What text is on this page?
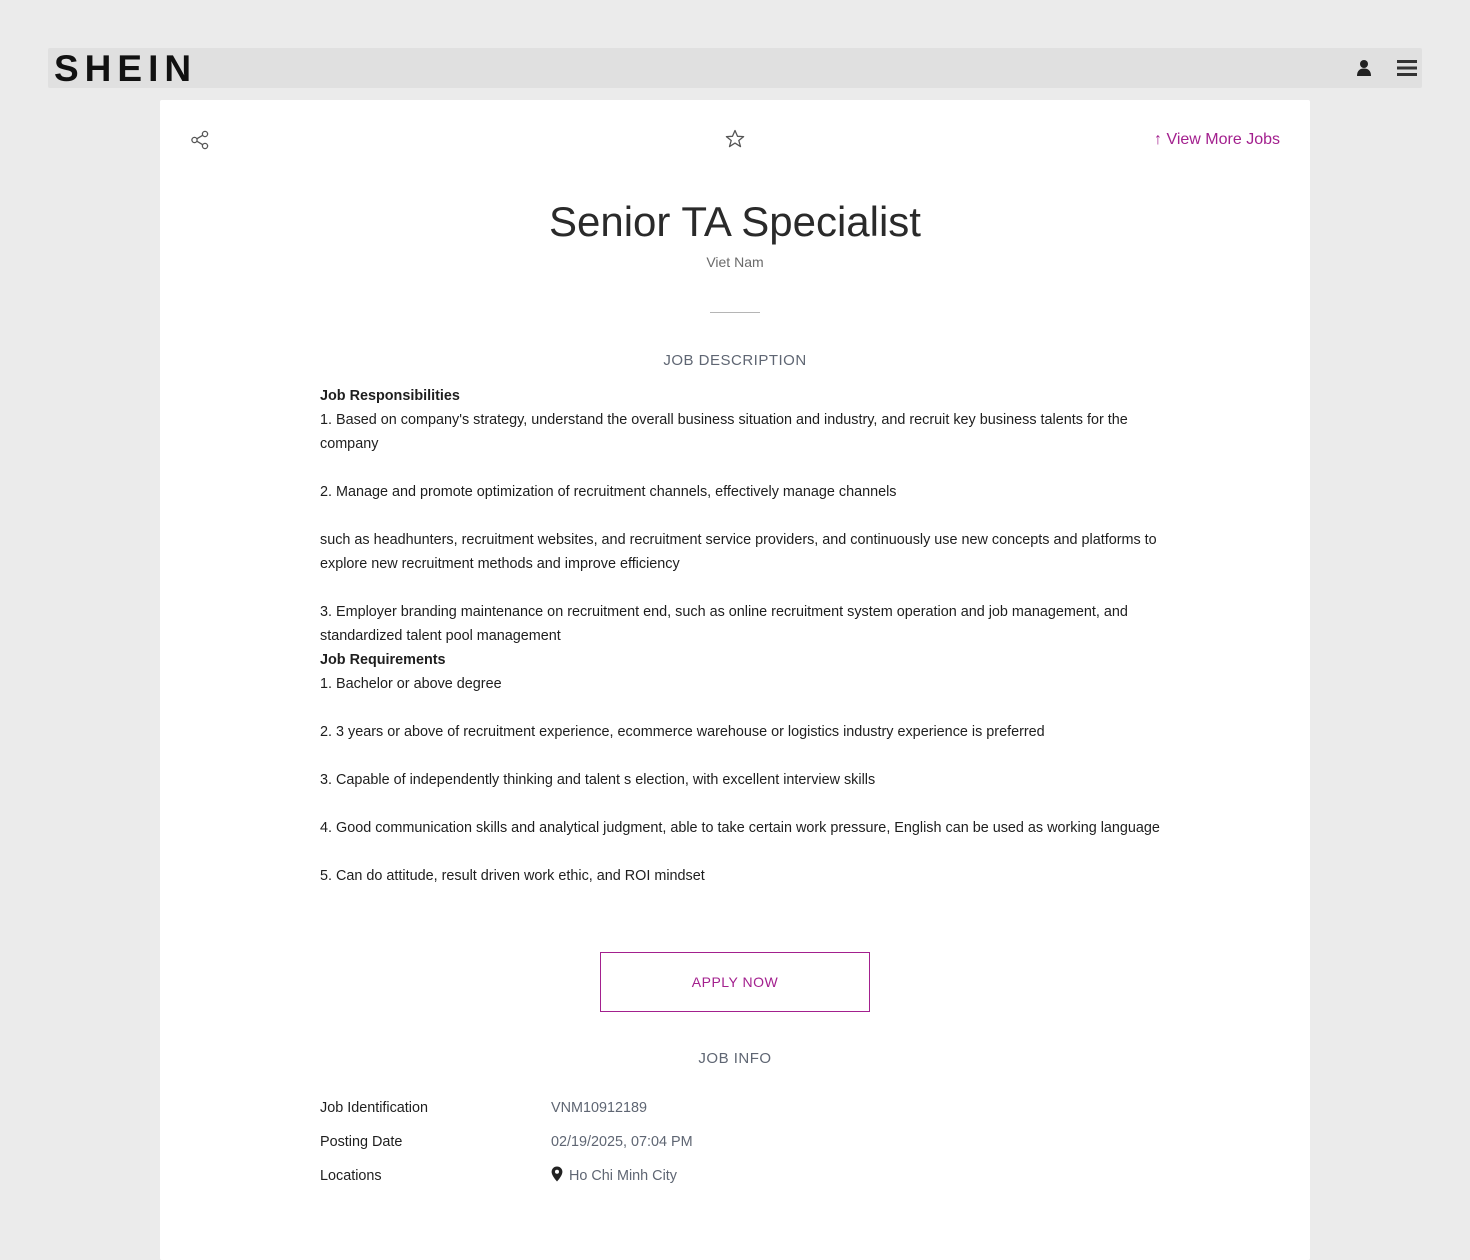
SHEIN
↑ View More Jobs
Senior TA Specialist
Viet Nam
JOB DESCRIPTION
Job Responsibilities
1. Based on company's strategy, understand the overall business situation and industry, and recruit key business talents for the company
2. Manage and promote optimization of recruitment channels, effectively manage channels
such as headhunters, recruitment websites, and recruitment service providers, and continuously use new concepts and platforms to explore new recruitment methods and improve efficiency
3. Employer branding maintenance on recruitment end, such as online recruitment system operation and job management, and standardized talent pool management
Job Requirements
1. Bachelor or above degree
2. 3 years or above of recruitment experience, ecommerce warehouse or logistics industry experience is preferred
3. Capable of independently thinking and talent s election, with excellent interview skills
4. Good communication skills and analytical judgment, able to take certain work pressure, English can be used as working language
5. Can do attitude, result driven work ethic, and ROI mindset
APPLY NOW
JOB INFO
Job Identification	VNM10912189
Posting Date	02/19/2025, 07:04 PM
Locations	Ho Chi Minh City
